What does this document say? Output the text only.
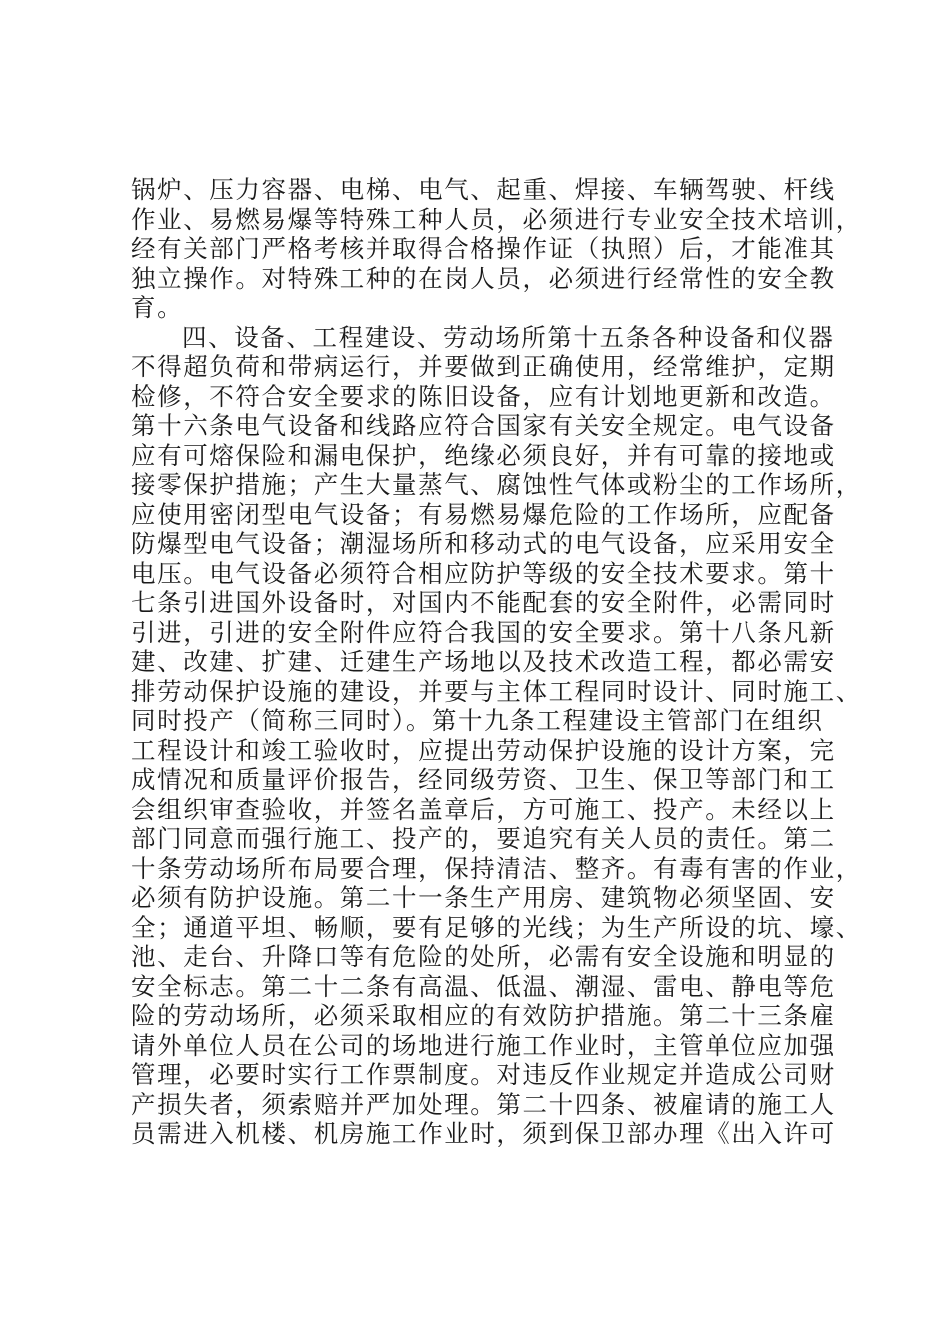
锅炉、压力容器、电梯、电气、起重、焊接、车辆驾驶、杆线
作业、易燃易爆等特殊工种人员，必须进行专业安全技术培训，
经有关部门严格考核并取得合格操作证（执照）后，才能准其
独立操作。对特殊工种的在岗人员，必须进行经常性的安全教
育。
四、设备、工程建设、劳动场所第十五条各种设备和仪器
不得超负荷和带病运行，并要做到正确使用，经常维护，定期
检修，不符合安全要求的陈旧设备，应有计划地更新和改造。
第十六条电气设备和线路应符合国家有关安全规定。电气设备
应有可熔保险和漏电保护，绝缘必须良好，并有可靠的接地或
接零保护措施；产生大量蒸气、腐蚀性气体或粉尘的工作场所，
应使用密闭型电气设备；有易燃易爆危险的工作场所，应配备
防爆型电气设备；潮湿场所和移动式的电气设备，应采用安全
电压。电气设备必须符合相应防护等级的安全技术要求。第十
七条引进国外设备时，对国内不能配套的安全附件，必需同时
引进，引进的安全附件应符合我国的安全要求。第十八条凡新
建、改建、扩建、迁建生产场地以及技术改造工程，都必需安
排劳动保护设施的建设，并要与主体工程同时设计、同时施工、
同时投产（简称三同时）。第十九条工程建设主管部门在组织
工程设计和竣工验收时，应提出劳动保护设施的设计方案，完
成情况和质量评价报告，经同级劳资、卫生、保卫等部门和工
会组织审查验收，并签名盖章后，方可施工、投产。未经以上
部门同意而强行施工、投产的，要追究有关人员的责任。第二
十条劳动场所布局要合理，保持清洁、整齐。有毒有害的作业，
必须有防护设施。第二十一条生产用房、建筑物必须坚固、安
全；通道平坦、畅顺，要有足够的光线；为生产所设的坑、壕、
池、走台、升降口等有危险的处所，必需有安全设施和明显的
安全标志。第二十二条有高温、低温、潮湿、雷电、静电等危
险的劳动场所，必须采取相应的有效防护措施。第二十三条雇
请外单位人员在公司的场地进行施工作业时，主管单位应加强
管理，必要时实行工作票制度。对违反作业规定并造成公司财
产损失者，须索赔并严加处理。第二十四条、被雇请的施工人
员需进入机楼、机房施工作业时，须到保卫部办理《出入许可
